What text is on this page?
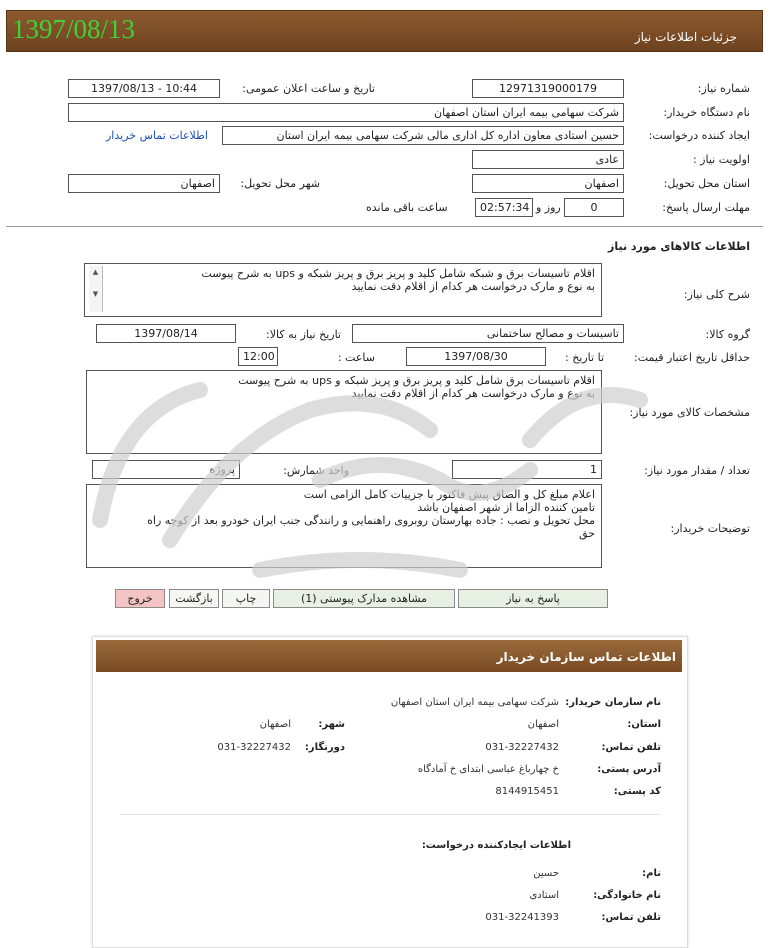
جزئیات اطلاعات نیاز
1397/08/13
شماره نیاز:
12971319000179
تاریخ و ساعت اعلان عمومی:
1397/08/13 - 10:44
نام دستگاه خریدار:
شرکت سهامی بیمه ایران استان اصفهان
ایجاد کننده درخواست:
حسین استادی معاون اداره کل اداری مالی شرکت سهامی بیمه ایران استان
اطلاعات تماس خریدار
اولویت نیاز :
عادی
استان محل تحویل:
اصفهان
شهر محل تحویل:
اصفهان
مهلت ارسال پاسخ:
0
روز و
02:57:34
ساعت باقی مانده
اطلاعات کالاهای مورد نیاز
شرح کلی نیاز:
اقلام تاسیسات برق و شبکه شامل کلید و پریز برق و پریز شبکه و ups به شرح پیوست
به نوع و مارک درخواست هر کدام از اقلام دقت نمایید
▲
▼
گروه کالا:
تاسیسات و مصالح ساختمانی
تاریخ نیاز به کالا:
1397/08/14
حداقل تاریخ اعتبار قیمت:
تا تاریخ :
1397/08/30
ساعت :
12:00
مشخصات کالای مورد نیاز:
اقلام تاسیسات برق شامل کلید و پریز برق و پریز شبکه و ups به شرح پیوست
به نوع و مارک درخواست هر کدام از اقلام دقت نمایید
تعداد / مقدار مورد نیاز:
1
واحد شمارش:
پروژه
توضیحات خریدار:
اعلام مبلغ کل و الصاق پیش فاکتور با جزییات کامل الزامی است
تامین کننده الزاما از شهر اصفهان باشد
محل تحویل و نصب : جاده بهارستان روبروی راهنمایی و رانندگی جنب ایران خودرو بعد از کوچه راه
حق
پاسخ به نیاز
مشاهده مدارک پیوستی (1)
چاپ
بازگشت
خروج
اطلاعات تماس سازمان خریدار
نام سازمان خریدار:
شرکت سهامی بیمه ایران استان اصفهان
استان:
اصفهان
شهر:
اصفهان
تلفن تماس:
031-32227432
دورنگار:
031-32227432
آدرس پستی:
خ چهارباغ عباسی ابتدای خ آمادگاه
کد پستی:
8144915451
اطلاعات ایجادکننده درخواست:
نام:
حسین
نام خانوادگی:
استادی
تلفن تماس:
031-32241393
